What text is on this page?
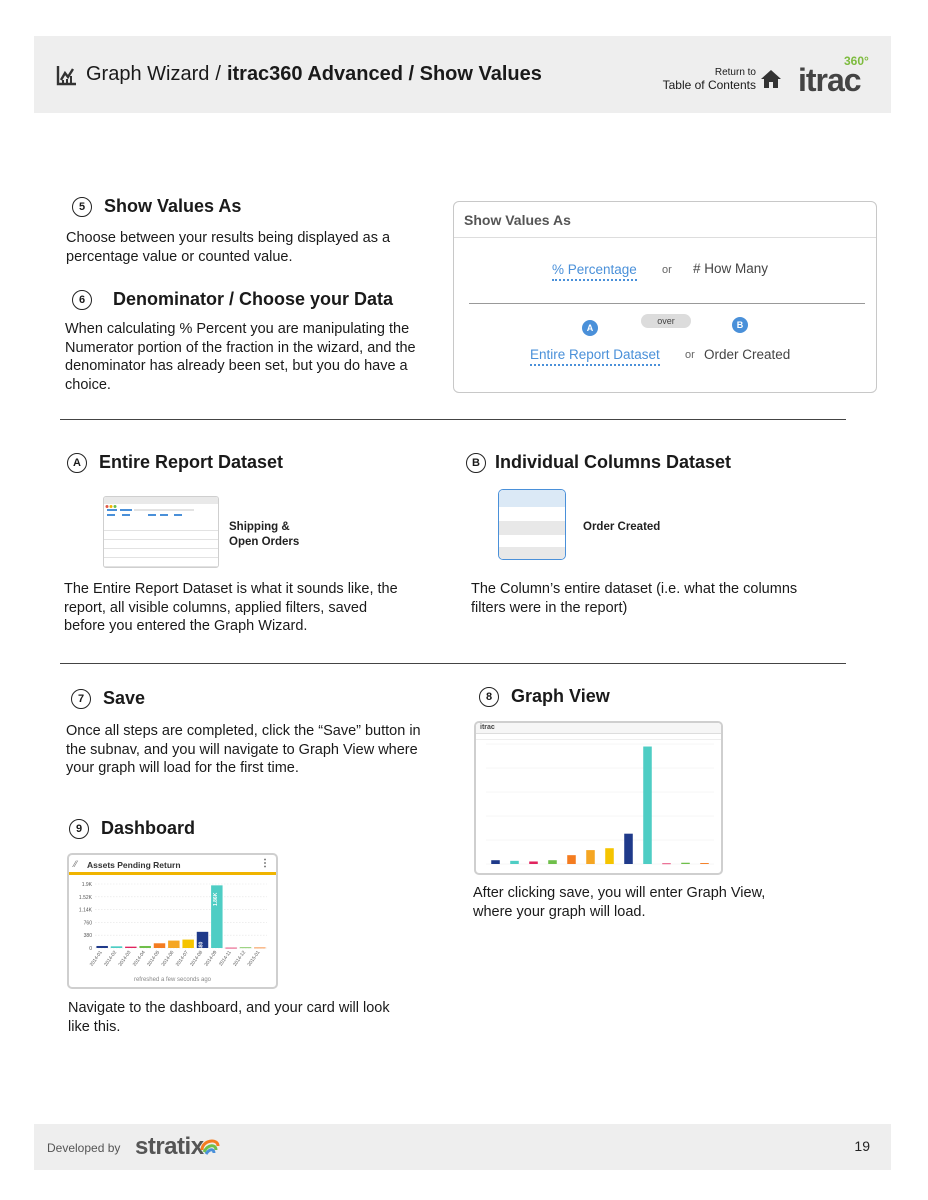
Graph Wizard / itrac360 Advanced / Show Values	Return to
Table of Contents itrac
360°
5	Show Values As
Choose between your results being displayed as a percentage value or counted value.
6	Denominator / Choose your Data
When calculating % Percent you are manipulating the Numerator portion of the fraction in the wizard, and the denominator has already been set, but you do have a choice.
Show Values As
% Percentage or # How Many
over
A	B
Entire Report Dataset or Order Created
A	Entire Report Dataset
Shipping &
Open Orders
The Entire Report Dataset is what it sounds like, the report, all visible columns, applied filters, saved before you entered the Graph Wizard.
B Individual Columns Dataset
Order Created
The Column’s entire dataset (i.e. what the columns filters were in the report)
7	Save
Once all steps are completed, click the “Save” button in the subnav, and you will navigate to Graph View where your graph will load for the first time.
8	Graph View
itrac
After clicking save, you will enter Graph View, where your graph will load.
9	Dashboard
⁄⁄ Assets Pending Return	⋮
0
380
760
1.14K
1.52K
1.9K
2014-01 2014-02 2014-03 2014-04 2014-05 2014-06 2014-07
480
2014-08
1.86K
2014-09 2014-11 2014-12 2015-01
refreshed a few seconds ago
Navigate to the dashboard, and your card will look like this.
Developed by stratix	19
